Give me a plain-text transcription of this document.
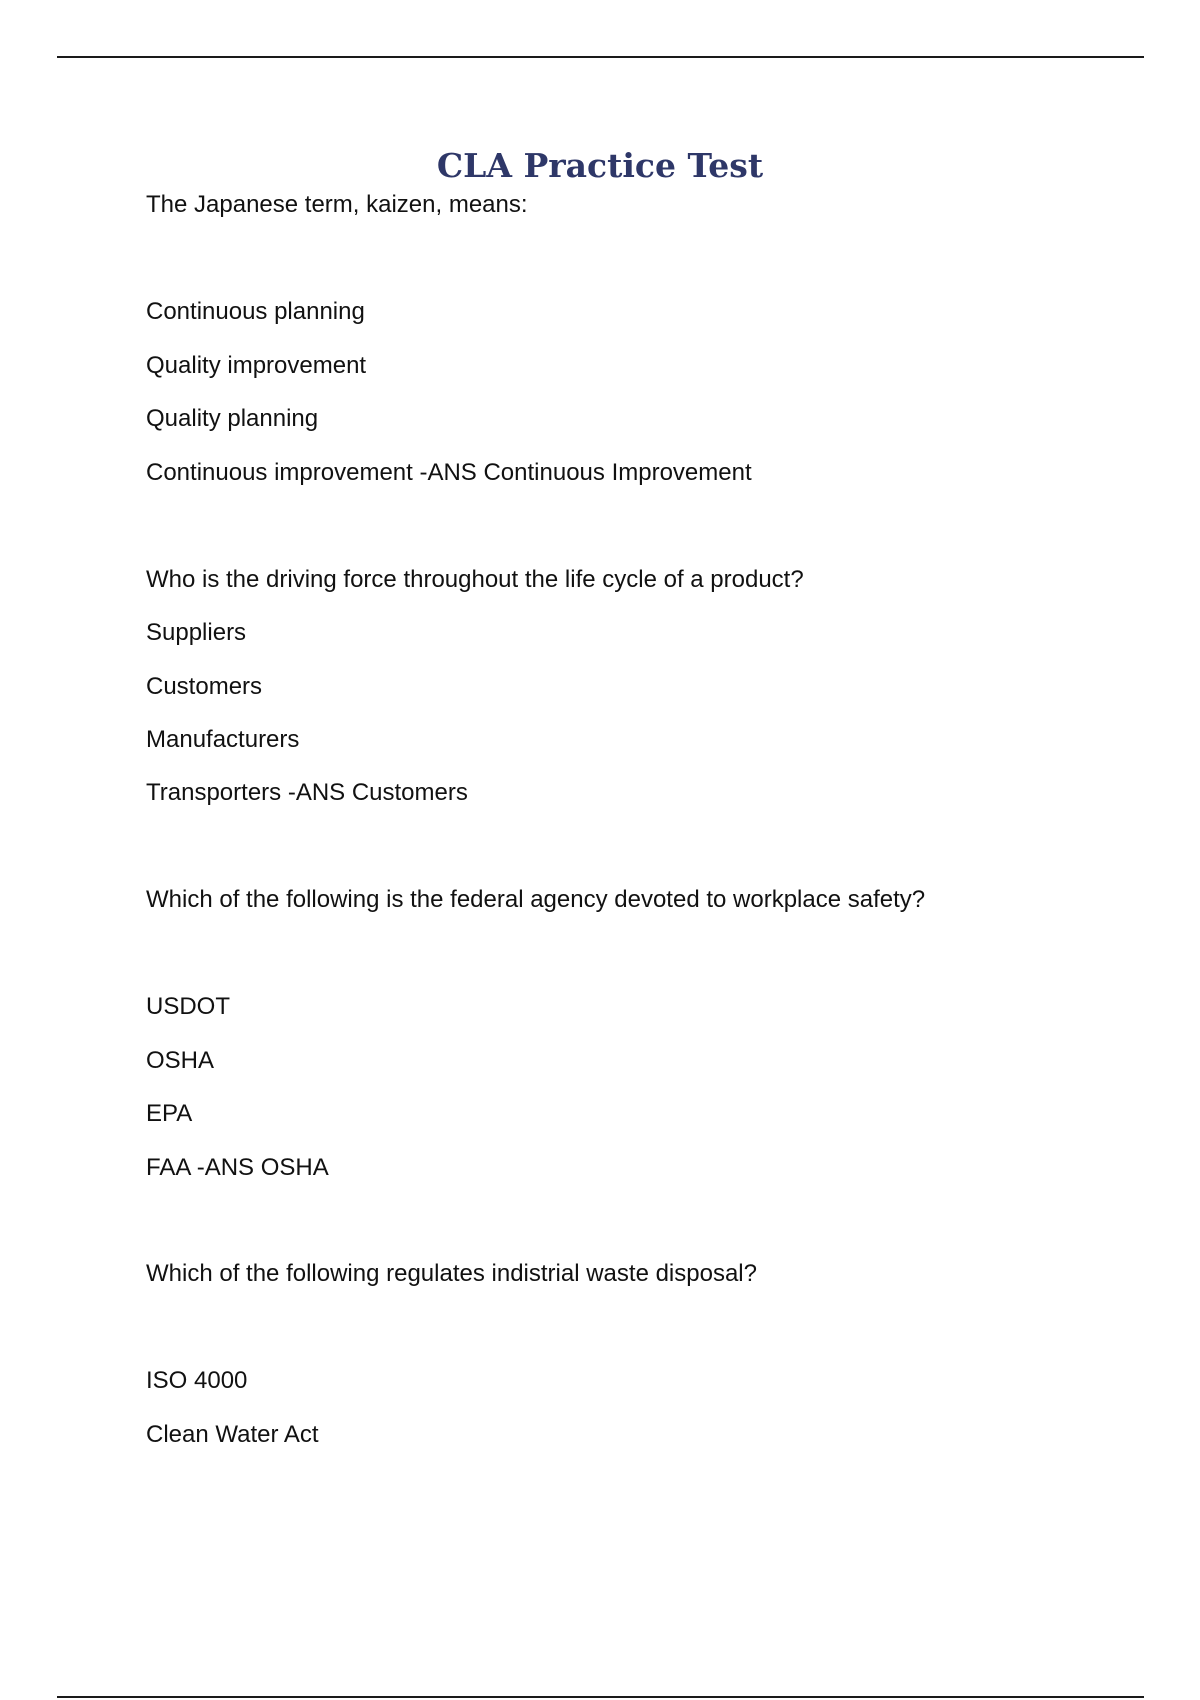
CLA Practice Test
The Japanese term, kaizen, means:
Continuous planning
Quality improvement
Quality planning
Continuous improvement -ANS Continuous Improvement
Who is the driving force throughout the life cycle of a product?
Suppliers
Customers
Manufacturers
Transporters -ANS Customers
Which of the following is the federal agency devoted to workplace safety?
USDOT
OSHA
EPA
FAA -ANS OSHA
Which of the following regulates indistrial waste disposal?
ISO 4000
Clean Water Act
